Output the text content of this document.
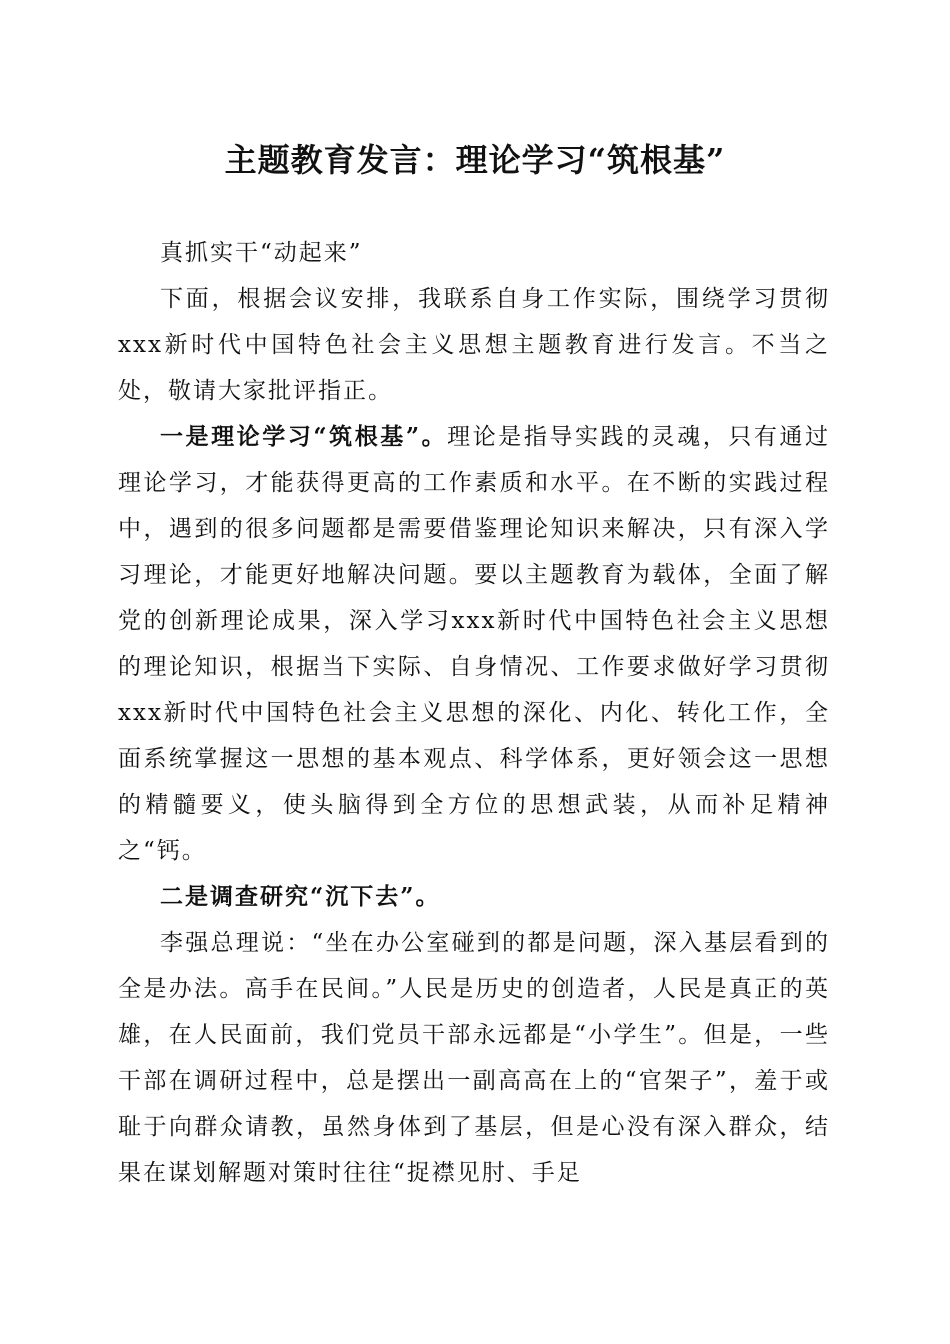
主题教育发言：理论学习“筑根基”

真抓实干“动起来”

下面，根据会议安排，我联系自身工作实际，围绕学习贯彻xxx新时代中国特色社会主义思想主题教育进行发言。不当之处，敬请大家批评指正。

一是理论学习“筑根基”。理论是指导实践的灵魂，只有通过理论学习，才能获得更高的工作素质和水平。在不断的实践过程中，遇到的很多问题都是需要借鉴理论知识来解决，只有深入学习理论，才能更好地解决问题。要以主题教育为载体，全面了解党的创新理论成果，深入学习xxx新时代中国特色社会主义思想的理论知识，根据当下实际、自身情况、工作要求做好学习贯彻xxx新时代中国特色社会主义思想的深化、内化、转化工作，全面系统掌握这一思想的基本观点、科学体系，更好领会这一思想的精髓要义，使头脑得到全方位的思想武装，从而补足精神之“钙。

二是调查研究“沉下去”。

李强总理说：“坐在办公室碰到的都是问题，深入基层看到的全是办法。高手在民间。”人民是历史的创造者，人民是真正的英雄，在人民面前，我们党员干部永远都是“小学生”。但是，一些干部在调研过程中，总是摆出一副高高在上的“官架子”，羞于或耻于向群众请教，虽然身体到了基层，但是心没有深入群众，结果在谋划解题对策时往往“捉襟见肘、手足
